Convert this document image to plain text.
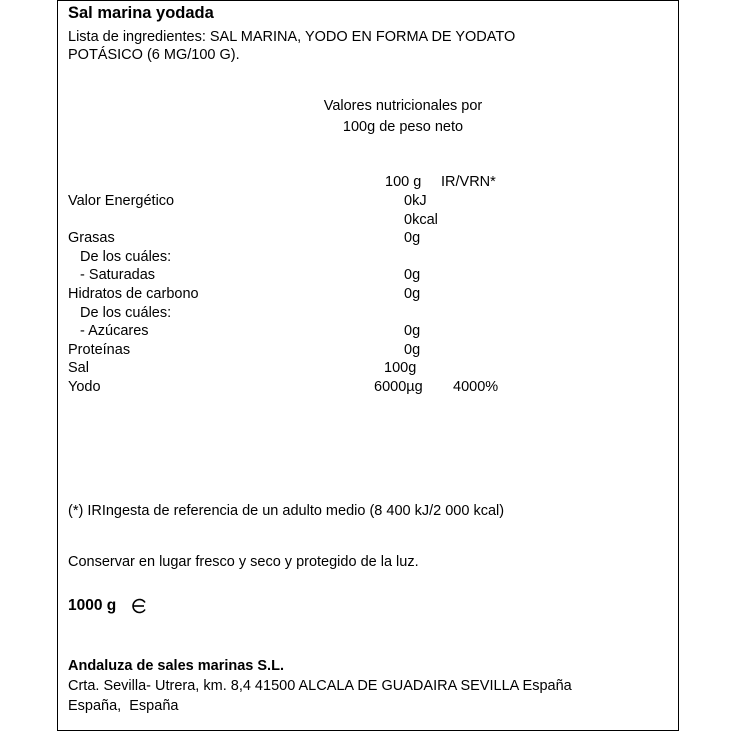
Sal marina yodada
Lista de ingredientes: SAL MARINA, YODO EN FORMA DE YODATO
POTÁSICO (6 MG/100 G).
Valores nutricionales por
100g de peso neto
100 g IR/VRN*
Valor Energético	0kJ
0kcal
Grasas	0g
De los cuáles:
- Saturadas	0g
Hidratos de carbono	0g
De los cuáles:
- Azúcares	0g
Proteínas	0g
Sal	100g
Yodo	6000µg 4000%
(*) IRIngesta de referencia de un adulto medio (8 400 kJ/2 000 kcal)
Conservar en lugar fresco y seco y protegido de la luz.
1000 g
Andaluza de sales marinas S.L.
Crta. Sevilla- Utrera, km. 8,4 41500 ALCALA DE GUADAIRA SEVILLA España
España,  España
